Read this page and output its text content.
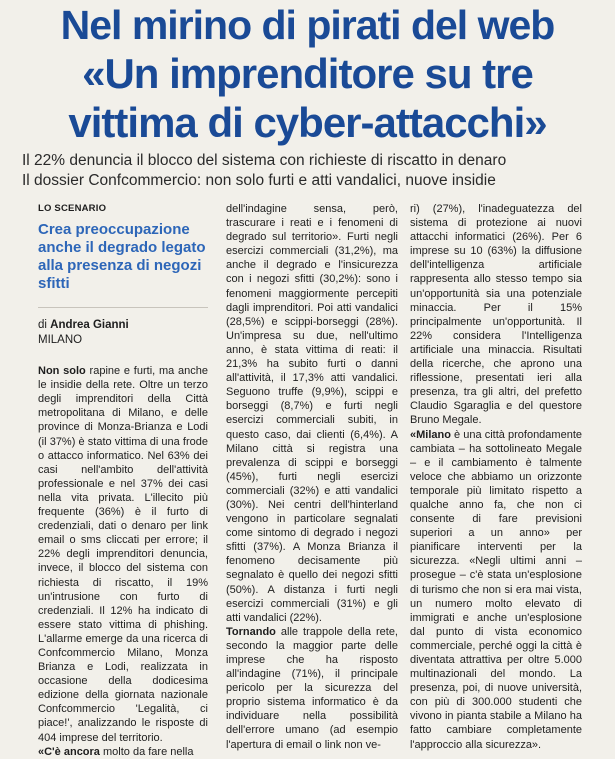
Nel mirino di pirati del web
«Un imprenditore su tre
vittima di cyber-attacchi»
Il 22% denuncia il blocco del sistema con richieste di riscatto in denaro
Il dossier Confcommercio: non solo furti e atti vandalici, nuove insidie
LO SCENARIO
Crea preoccupazione anche il degrado legato alla presenza di negozi sfitti
di Andrea Gianni
MILANO

Non solo rapine e furti, ma anche le insidie della rete. Oltre un terzo degli imprenditori della Città metropolitana di Milano, e delle province di Monza-Brianza e Lodi (il 37%) è stato vittima di una frode o attacco informatico. Nel 63% dei casi nell'ambito dell'attività professionale e nel 37% dei casi nella vita privata. L'illecito più frequente (36%) è il furto di credenziali, dati o denaro per link email o sms cliccati per errore; il 22% degli imprenditori denuncia, invece, il blocco del sistema con richiesta di riscatto, il 19% un'intrusione con furto di credenziali. Il 12% ha indicato di essere stato vittima di phishing. L'allarme emerge da una ricerca di Confcommercio Milano, Monza Brianza e Lodi, realizzata in occasione della dodicesima edizione della giornata nazionale Confcommercio 'Legalità, ci piace!', analizzando le risposte di 404 imprese del territorio.

«C'è ancora molto da fare nella

dell'indagine sensa, però, trascurare i reati e i fenomeni di degrado sul territorio». Furti negli esercizi commerciali (31,2%), ma anche il degrado e l'insicurezza con i negozi sfitti (30,2%): sono i fenomeni maggiormente percepiti dagli imprenditori. Poi atti vandalici (28,5%) e scippi-borseggi (28%). Un'impresa su due, nell'ultimo anno, è stata vittima di reati: il 21,3% ha subito furti o danni all'attività, il 17,3% atti vandalici. Seguono truffe (9,9%), scippi e borseggi (8,7%) e furti negli esercizi commerciali subiti, in questo caso, dai clienti (6,4%). A Milano città si registra una prevalenza di scippi e borseggi (45%), furti negli esercizi commerciali (32%) e atti vandalici (30%). Nei centri dell'hinterland vengono in particolare segnalati come sintomo di degrado i negozi sfitti (37%). A Monza Brianza il fenomeno decisamente più segnalato è quello dei negozi sfitti (50%). A distanza i furti negli esercizi commerciali (31%) e gli atti vandalici (22%).

Tornando alle trappole della rete, secondo la maggior parte delle imprese che ha risposto all'indagine (71%), il principale pericolo per la sicurezza del proprio sistema informatico è da individuare nella possibilità dell'errore umano (ad esempio l'apertura di email o link non ve-

ri) (27%), l'inadeguatezza del sistema di protezione ai nuovi attacchi informatici (26%). Per 6 imprese su 10 (63%) la diffusione dell'intelligenza artificiale rappresenta allo stesso tempo sia un'opportunità sia una potenziale minaccia. Per il 15% principalmente un'opportunità. Il 22% considera l'Intelligenza artificiale una minaccia. Risultati della ricerche, che aprono una riflessione, presentati ieri alla presenza, tra gli altri, del prefetto Claudio Sgaraglia e del questore Bruno Megale.

«Milano è una città profondamente cambiata – ha sottolineato Megale – e il cambiamento è talmente veloce che abbiamo un orizzonte temporale più limitato rispetto a qualche anno fa, che non ci consente di fare previsioni superiori a un anno» per pianificare interventi per la sicurezza. «Negli ultimi anni – prosegue – c'è stata un'esplosione di turismo che non si era mai vista, un numero molto elevato di immigrati e anche un'esplosione dal punto di vista economico commerciale, perché oggi la città è diventata attrattiva per oltre 5.000 multinazionali del mondo. La presenza, poi, di nuove università, con più di 300.000 studenti che vivono in pianta stabile a Milano ha fatto cambiare completamente l'approccio alla sicurezza».
